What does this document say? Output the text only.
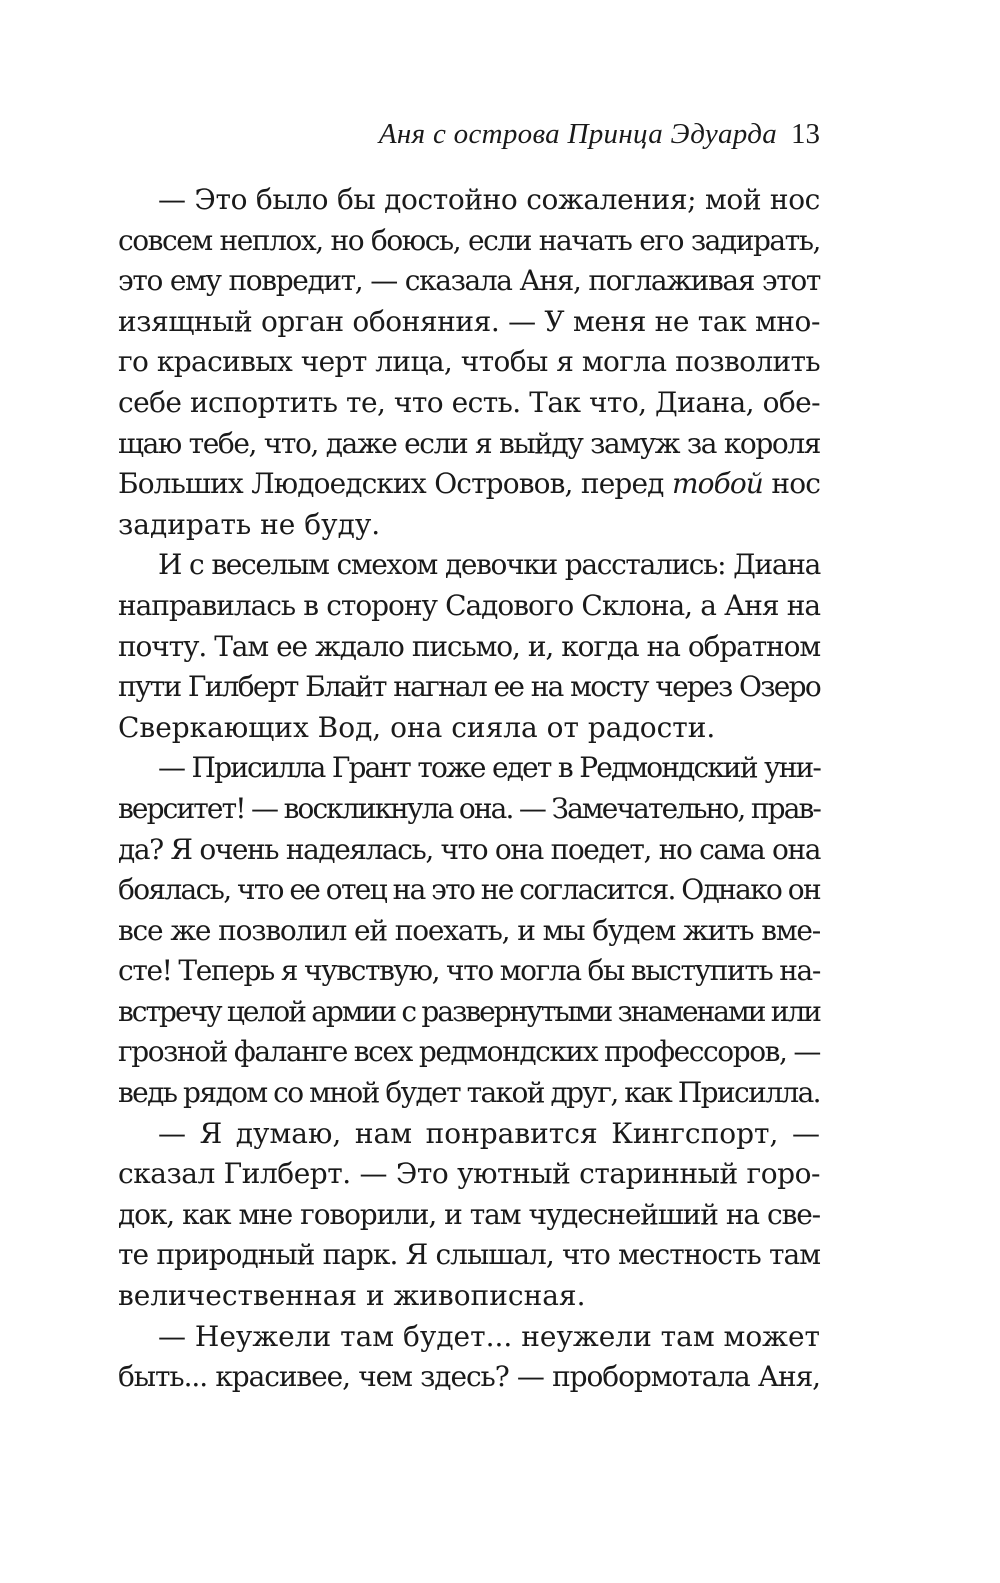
Аня с острова Принца Эдуарда 13
— Это было бы достойно сожаления; мой нос
совсем неплох, но боюсь, если начать его задирать,
это ему повредит, — сказала Аня, поглаживая этот
изящный орган обоняния. — У меня не так мно-
го красивых черт лица, чтобы я могла позволить
себе испортить те, что есть. Так что, Диана, обе-
щаю тебе, что, даже если я выйду замуж за короля
Больших Людоедских Островов, перед тобой нос
задирать не буду.
И с веселым смехом девочки расстались: Диана
направилась в сторону Садового Склона, а Аня на
почту. Там ее ждало письмо, и, когда на обратном
пути Гилберт Блайт нагнал ее на мосту через Озеро
Сверкающих Вод, она сияла от радости.
— Присилла Грант тоже едет в Редмондский уни-
верситет! — воскликнула она. — Замечательно, прав-
да? Я очень надеялась, что она поедет, но сама она
боялась, что ее отец на это не согласится. Однако он
все же позволил ей поехать, и мы будем жить вме-
сте! Теперь я чувствую, что могла бы выступить на-
встречу целой армии с развернутыми знаменами или
грозной фаланге всех редмондских профессоров, —
ведь рядом со мной будет такой друг, как Присилла.
— Я думаю, нам понравится Кингспорт, —
сказал Гилберт. — Это уютный старинный горо-
док, как мне говорили, и там чудеснейший на све-
те природный парк. Я слышал, что местность там
величественная и живописная.
— Неужели там будет... неужели там может
быть... красивее, чем здесь? — пробормотала Аня,
